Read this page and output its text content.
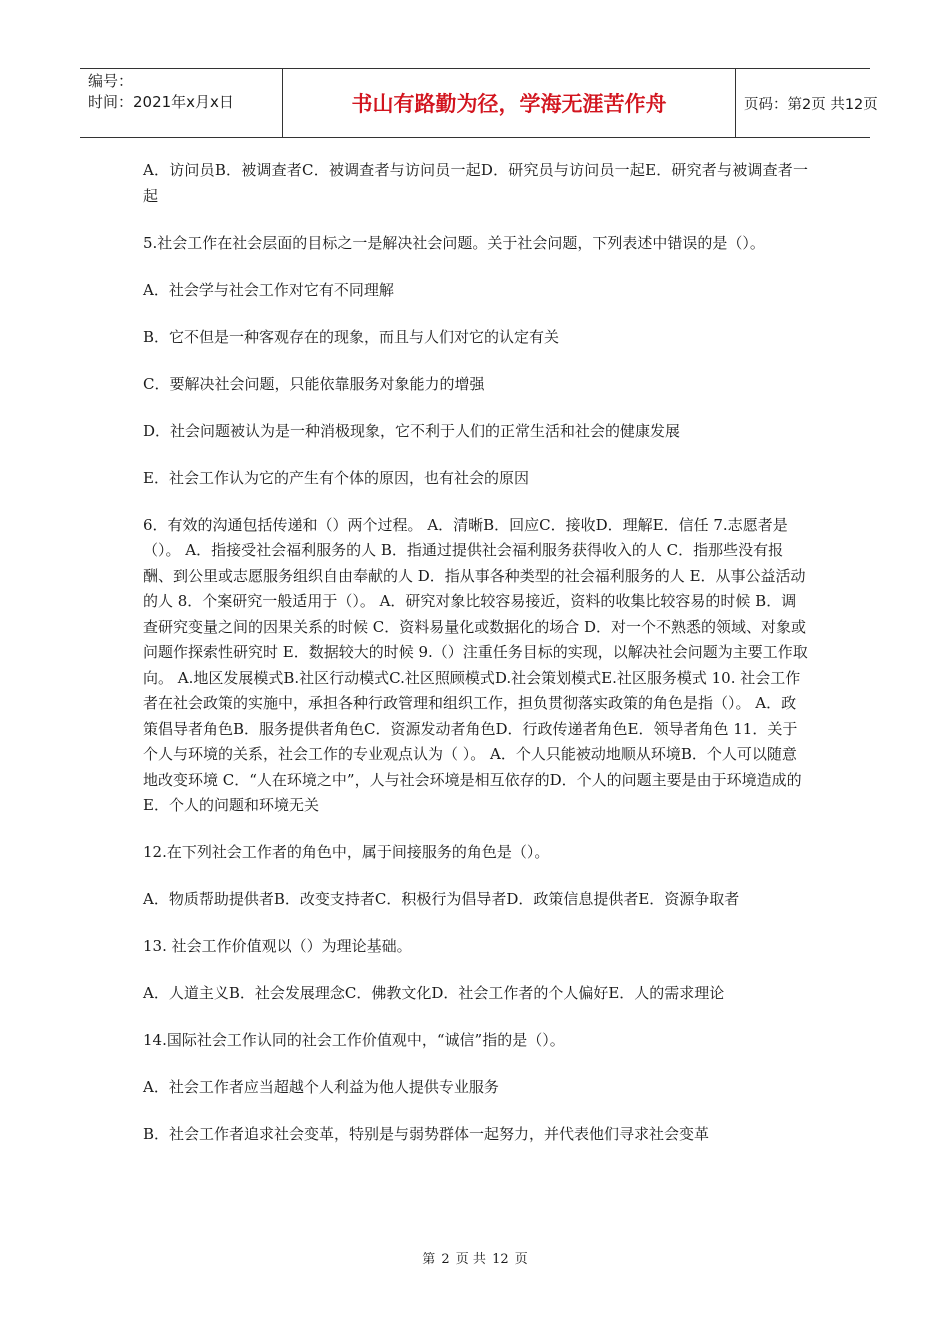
编号：
时间：2021年x月x日	书山有路勤为径，学海无涯苦作舟	页码：第2页 共12页

A．访问员B．被调查者C．被调查者与访问员一起D．研究员与访问员一起E．研究者与被调查者一起

5.社会工作在社会层面的目标之一是解决社会问题。关于社会问题，下列表述中错误的是（）。

A．社会学与社会工作对它有不同理解

B．它不但是一种客观存在的现象，而且与人们对它的认定有关

C．要解决社会问题，只能依靠服务对象能力的增强

D．社会问题被认为是一种消极现象，它不利于人们的正常生活和社会的健康发展

E．社会工作认为它的产生有个体的原因，也有社会的原因

6．有效的沟通包括传递和（）两个过程。 A．清晰B．回应C．接收D．理解E．信任 7.志愿者是（）。 A．指接受社会福利服务的人 B．指通过提供社会福利服务获得收入的人 C．指那些没有报酬、到公里或志愿服务组织自由奉献的人 D．指从事各种类型的社会福利服务的人 E．从事公益活动的人 8．个案研究一般适用于（）。 A．研究对象比较容易接近，资料的收集比较容易的时候 B．调查研究变量之间的因果关系的时候 C．资料易量化或数据化的场合 D．对一个不熟悉的领域、对象或问题作探索性研究时 E．数据较大的时候 9.（）注重任务目标的实现，以解决社会问题为主要工作取向。 A.地区发展模式B.社区行动模式C.社区照顾模式D.社会策划模式E.社区服务模式 10. 社会工作者在社会政策的实施中，承担各种行政管理和组织工作，担负贯彻落实政策的角色是指（）。 A．政策倡导者角色B．服务提供者角色C．资源发动者角色D．行政传递者角色E．领导者角色 11．关于个人与环境的关系，社会工作的专业观点认为（ ）。 A．个人只能被动地顺从环境B．个人可以随意地改变环境 C．“人在环境之中”，人与社会环境是相互依存的D．个人的问题主要是由于环境造成的 E．个人的问题和环境无关

12.在下列社会工作者的角色中，属于间接服务的角色是（）。

A．物质帮助提供者B．改变支持者C．积极行为倡导者D．政策信息提供者E．资源争取者

13. 社会工作价值观以（）为理论基础。

A．人道主义B．社会发展理念C．佛教文化D．社会工作者的个人偏好E．人的需求理论

14.国际社会工作认同的社会工作价值观中，“诚信”指的是（）。

A．社会工作者应当超越个人利益为他人提供专业服务

B．社会工作者追求社会变革，特别是与弱势群体一起努力，并代表他们寻求社会变革

第 2 页 共 12 页
